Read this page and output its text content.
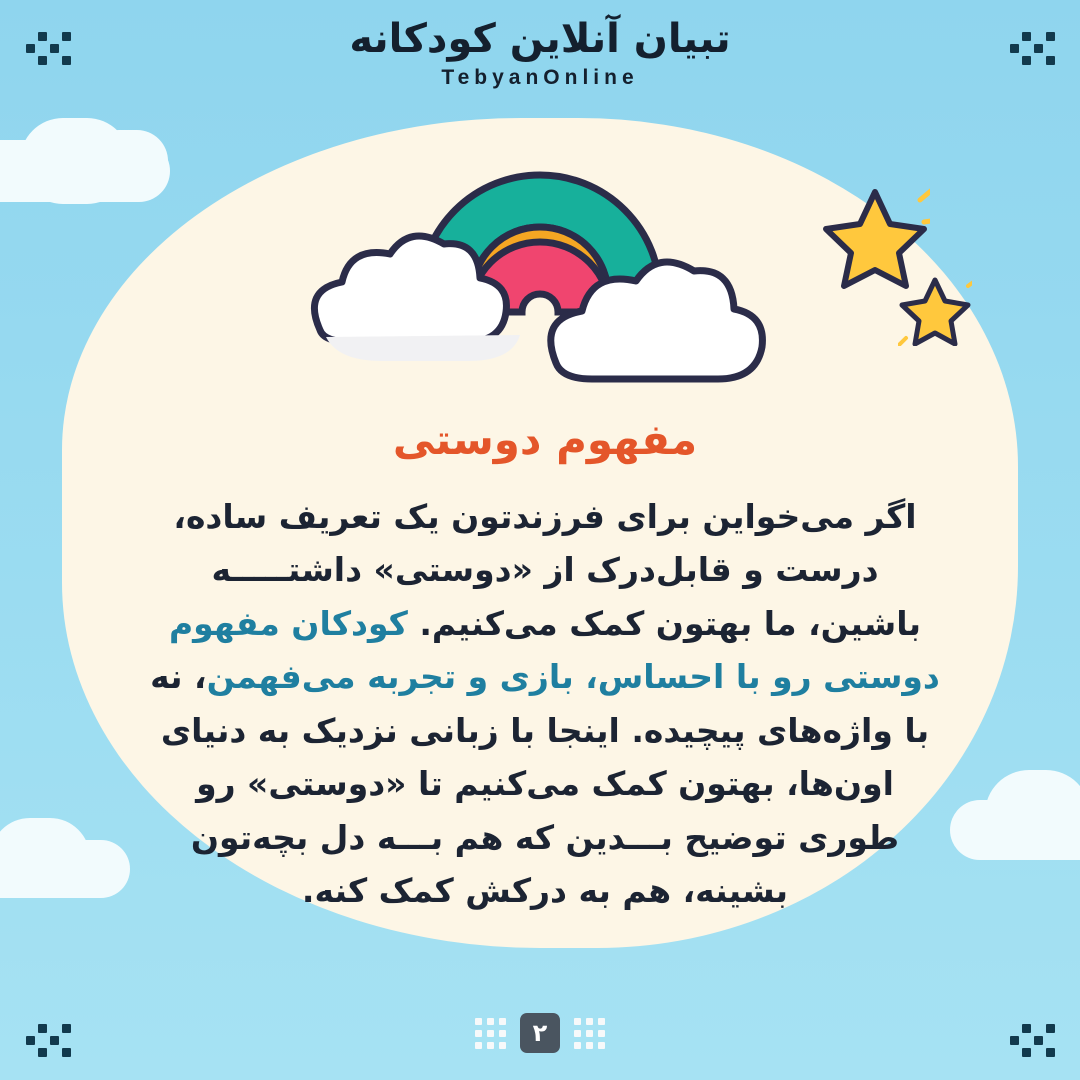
تبیان آنلاین کودکانه
TebyanOnline
مفهوم دوستی

اگر می‌خواین برای فرزندتون یک تعریف ساده، درست و قابل‌درک از «دوستی» داشتـــــه باشین، ما بهتون کمک می‌کنیم. کودکان مفهوم دوستی رو با احساس، بازی و تجربه می‌فهمن، نه با واژه‌های پیچیده. اینجا با زبانی نزدیک به دنیای اون‌ها، بهتون کمک می‌کنیم تا «دوستی» رو طوری توضیح بـــدین که هم بـــه دل بچه‌تون بشینه، هم به درکش کمک کنه.

۲
